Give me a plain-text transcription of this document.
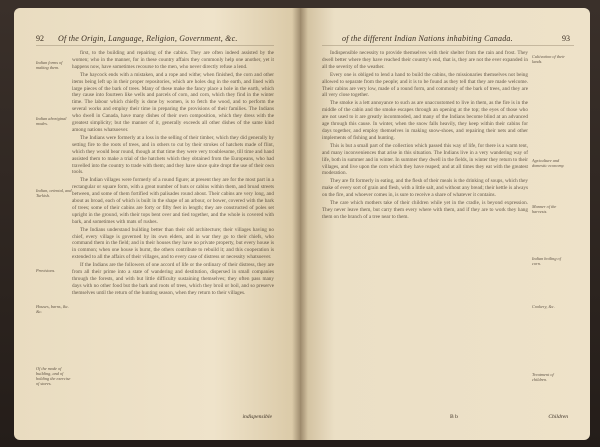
92 Of the Origin, Language, Religion, Government, &c.
Indian forms of making them.
Indian aboriginal modes.
Indian, oriental, and Turkish.
Provisions.
Houses, barns, &c. &c.
Of the mode of building, and of holding the exercise of stores.

first, to the building and repairing of the cabins. They are often indeed assisted by the women; who in the manner, for in these country affairs they commonly help one another, yet it happens now, have sometimes recourse to the men, who never directly refuse a lend.

The haycock ends with a mistaken, and a rope and withe; when finished, the corn and other items being left up in their proper repositories, which are holes dug in the earth, and lined with large pieces of the bark of trees. Many of these make the fancy place a hole in the earth, which they cause into fourteen like wells and parcels of corn, and corn, which they find in the winter time. The labour which chiefly is done by women, is to fetch the wood, and to perform the several works and employ their time in preparing the provisions of their families. The Indians who dwell in Canada, have many dishes of their own composition, which they dress with the greatest simplicity; but the manner of it, generally exceeds all other dishes of the same kind among nations whatsoever.

The Indians were formerly at a loss in the selling of their timber, which they did generally by setting fire to the roots of trees, and in others to cut by their strokes of hatchets made of flint, which they would bear round, though at that time they were very troublesome, till time and hand assisted them to make a trial of the hatchets which they obtained from the Europeans, who had travelled into the country to trade with them; and they have since quite dropt the use of their own tools.

The Indian villages were formerly of a round figure; at present they are for the most part in a rectangular or square form, with a great number of huts or cabins within them, and broad streets between, and some of them fortified with palisades round about. Their cabins are very long, and about as broad, each of which is built in the shape of an arbour, or bower, covered with the bark of trees; some of their cabins are forty or fifty feet in length; they are constructed of poles set upright in the ground, with their tops bent over and tied together, and the whole is covered with bark, and sometimes with mats of rushes.

The Indians understand building better than their old architecture; their villages having no chief, every village is governed by its own elders, and in war they go to their chiefs, who command them in the field; and in their houses they have no private property, but every house is in common; when one house is burnt, the others contribute to rebuild it; and this cooperation is extended to all the affairs of their villages, and to every case of distress or necessity whatsoever.

If the Indians are the followers of one accord of life or the ordinary of their distress, they are from all their prime into a state of wandering and destitution, dispersed in small companies through the forests, and with but little difficulty sustaining themselves; they often pass many days with no other food but the bark and roots of trees, which they broil or boil, and so preserve themselves until the return of the hunting season, when they return to their villages.

indispensible
of the different Indian Nations inhabiting Canada.	93
Cultivation of their lands.
Agriculture and domestic economy.
Manner of the harvests.
Indian boiling of corn.
Cookery, &c.
Treatment of children.

Indispensible necessity to provide themselves with their shelter from the rain and frost. They dwell better where they have reached their country's end, that is, they are not the ever expanded in all the severity of the weather.

Every one is obliged to lend a hand to build the cabins, the missionaries themselves not being allowed to separate from the people; and it is to be found as they tell that they are made welcome. Their cabins are very low, made of a round form, and commonly of the bark of trees, and they are all very close together.

The smoke is a lett annoyance to such as are unaccustomed to live in them, as the fire is in the middle of the cabin and the smoke escapes through an opening at the top; the eyes of those who are not used to it are greatly incommoded, and many of the Indians become blind at an advanced age through this cause. In winter, when the snow falls heavily, they keep within their cabins for days together, and employ themselves in making snow-shoes, and repairing their nets and other implements of fishing and hunting.

This is but a small part of the collection which passed this way of life, for there is a warm tent, and many inconveniences that arise in this situation. The Indians live in a very wandering way of life, both in summer and in winter. In summer they dwell in the fields, in winter they return to their villages, and live upon the corn which they have reaped; and at all times they eat with the greatest moderation.

They are fit formerly in eating, and the flesh of their meals is the drinking of soups, which they make of every sort of grain and flesh, with a little salt, and without any bread; their kettle is always on the fire, and whoever comes in, is sure to receive a share of whatever it contains.

The care which mothers take of their children while yet in the cradle, is beyond expression. They never leave them, but carry them every where with them, and if they are to work they hang them on the branch of a tree near to them.

B b	Children
